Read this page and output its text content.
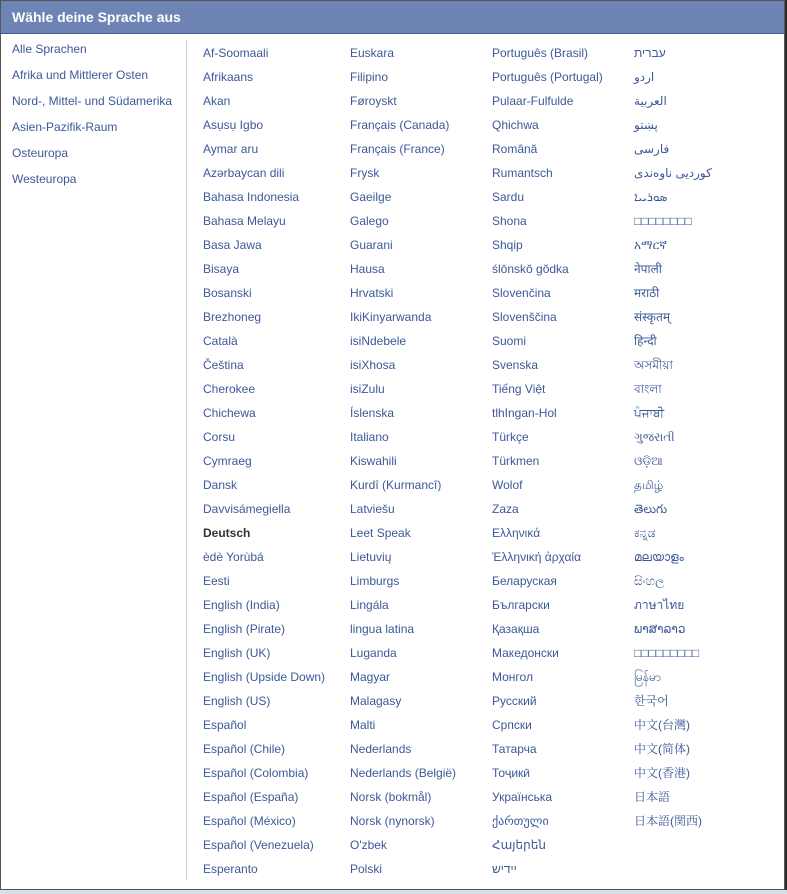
Wähle deine Sprache aus
Alle Sprachen
Afrika und Mittlerer Osten
Nord-, Mittel- und Südamerika
Asien-Pazifik-Raum
Osteuropa
Westeuropa
Af-Soomaali
Afrikaans
Akan
Asụsụ Igbo
Aymar aru
Azərbaycan dili
Bahasa Indonesia
Bahasa Melayu
Basa Jawa
Bisaya
Bosanski
Brezhoneg
Català
Čeština
Cherokee
Chichewa
Corsu
Cymraeg
Dansk
Davvisámegiella
Deutsch
èdè Yorùbá
Eesti
English (India)
English (Pirate)
English (UK)
English (Upside Down)
English (US)
Español
Español (Chile)
Español (Colombia)
Español (España)
Español (México)
Español (Venezuela)
Esperanto
Euskara
Filipino
Føroyskt
Français (Canada)
Français (France)
Frysk
Gaeilge
Galego
Guarani
Hausa
Hrvatski
IkiKinyarwanda
isiNdebele
isiXhosa
isiZulu
Íslenska
Italiano
Kiswahili
Kurdî (Kurmancî)
Latviešu
Leet Speak
Lietuvių
Limburgs
Lingála
lingua latina
Luganda
Magyar
Malagasy
Malti
Nederlands
Nederlands (België)
Norsk (bokmål)
Norsk (nynorsk)
O'zbek
Polski
Português (Brasil)
Português (Portugal)
Pulaar-Fulfulde
Qhichwa
Română
Rumantsch
Sardu
Shona
Shqip
ślōnskŏ gŏdka
Slovenčina
Slovenščina
Suomi
Svenska
Tiếng Việt
tlhIngan-Hol
Türkçe
Türkmen
Wolof
Zaza
Ελληνικά
Έλληνική ἀρχαία
Беларуская
Български
Қазақша
Македонски
Монгол
Русский
Српски
Татарча
Тоҷикӣ
Українська
ქართული
Հայերեն
יידיש
עברית
اردو
العربية
پښتو
فارسی
کوردیی ناوەندی
ܣܘܪܝܝܐ
□□□□□□□□
አማርኛ
नेपाली
मराठी
संस्कृतम्
हिन्दी
অসমীয়া
বাংলা
ਪੰਜਾਬੀ
ગુજરાતી
ଓଡ଼ିଆ
தமிழ்
తెలుగు
ಕನ್ನಡ
മലയാളം
සිංහල
ภาษาไทย
ພາສາລາວ
□□□□□□□□□
မြန်မာ
한국어
中文(台灣)
中文(简体)
中文(香港)
日本語
日本語(関西)
